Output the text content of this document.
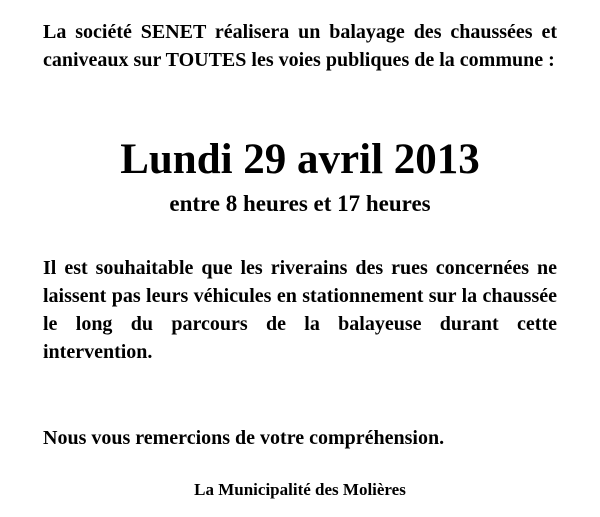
La société SENET réalisera un balayage des chaussées et caniveaux sur TOUTES les voies publiques de la commune :

Lundi 29 avril 2013

entre 8 heures et 17 heures

Il est souhaitable que les riverains des rues concernées ne laissent pas leurs véhicules en stationnement sur la chaussée le long du parcours de la balayeuse durant cette intervention.

Nous vous remercions de votre compréhension.

La Municipalité des Molières
